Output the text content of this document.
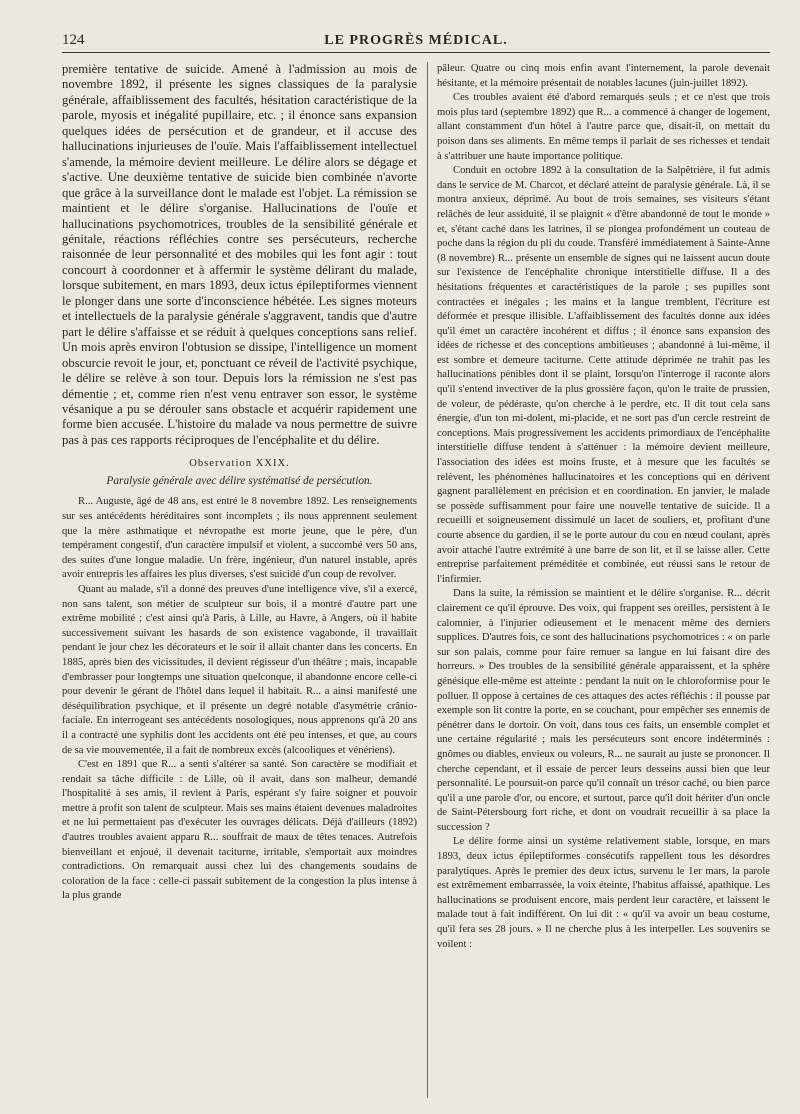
124	LE PROGRÈS MÉDICAL.

première tentative de suicide. Amené à l'admission au mois de novembre 1892, il présente les signes classiques de la paralysie générale, affaiblissement des facultés, hésitation caractéristique de la parole, myosis et inégalité pupillaire, etc. ; il énonce sans expansion quelques idées de persécution et de grandeur, et il accuse des hallucinations injurieuses de l'ouïe. Mais l'affaiblissement intellectuel s'amende, la mémoire devient meilleure. Le délire alors se dégage et s'active. Une deuxième tentative de suicide bien combinée n'avorte que grâce à la surveillance dont le malade est l'objet. La rémission se maintient et le délire s'organise. Hallucinations de l'ouïe et hallucinations psychomotrices, troubles de la sensibilité générale et génitale, réactions réfléchies contre ses persécuteurs, recherche raisonnée de leur personnalité et des mobiles qui les font agir : tout concourt à coordonner et à affermir le système délirant du malade, lorsque subitement, en mars 1893, deux ictus épileptiformes viennent le plonger dans une sorte d'inconscience hébétée. Les signes moteurs et intellectuels de la paralysie générale s'aggravent, tandis que d'autre part le délire s'affaisse et se réduit à quelques conceptions sans relief. Un mois après environ l'obtusion se dissipe, l'intelligence un moment obscurcie revoit le jour, et, ponctuant ce réveil de l'activité psychique, le délire se relève à son tour. Depuis lors la rémission ne s'est pas démentie ; et, comme rien n'est venu entraver son essor, le système vésanique a pu se dérouler sans obstacle et acquérir rapidement une forme bien accusée. L'histoire du malade va nous permettre de suivre pas à pas ces rapports réciproques de l'encéphalite et du délire.

Observation XXIX.
Paralysie générale avec délire systématisé de persécution.

R... Auguste, âgé de 48 ans, est entré le 8 novembre 1892. Les renseignements sur ses antécédents héréditaires sont incomplets ; ils nous apprennent seulement que la mère asthmatique et névropathe est morte jeune, que le père, d'un tempérament congestif, d'un caractère impulsif et violent, a succombé vers 50 ans, des suites d'une longue maladie. Un frère, ingénieur, d'un naturel instable, après avoir entrepris les affaires les plus diverses, s'est suicidé d'un coup de revolver.

Quant au malade, s'il a donné des preuves d'une intelligence vive, s'il a exercé, non sans talent, son métier de sculpteur sur bois, il a montré d'autre part une extrême mobilité ; c'est ainsi qu'à Paris, à Lille, au Havre, à Angers, où il habite successivement suivant les hasards de son existence vagabonde, il travaillait pendant le jour chez les décorateurs et le soir il allait chanter dans les concerts. En 1885, après bien des vicissitudes, il devient régisseur d'un théâtre ; mais, incapable d'embrasser pour longtemps une situation quelconque, il abandonne encore celle-ci pour devenir le gérant de l'hôtel dans lequel il habitait. R... a ainsi manifesté une déséquilibration psychique, et il présente un degré notable d'asymétrie crânio-faciale. En interrogeant ses antécédents nosologiques, nous apprenons qu'à 20 ans il a contracté une syphilis dont les accidents ont été peu intenses, et que, au cours de sa vie mouvementée, il a fait de nombreux excès (alcooliques et vénériens).

C'est en 1891 que R... a senti s'altérer sa santé. Son caractère se modifiait et rendait sa tâche difficile : de Lille, où il avait, dans son malheur, demandé l'hospitalité à ses amis, il revient à Paris, espérant s'y faire soigner et pouvoir mettre à profit son talent de sculpteur. Mais ses mains étaient devenues maladroites et ne lui permettaient pas d'exécuter les ouvrages délicats. Déjà d'ailleurs (1892) d'autres troubles avaient apparu R... souffrait de maux de têtes tenaces. Autrefois bienveillant et enjoué, il devenait taciturne, irritable, s'emportait aux moindres contradictions. On remarquait aussi chez lui des changements soudains de coloration de la face : celle-ci passait subitement de la congestion la plus intense à la plus grande

pâleur. Quatre ou cinq mois enfin avant l'internement, la parole devenait hésitante, et la mémoire présentait de notables lacunes (juin-juillet 1892).

Ces troubles avaient été d'abord remarqués seuls ; et ce n'est que trois mois plus tard (septembre 1892) que R... a commencé à changer de logement, allant constamment d'un hôtel à l'autre parce que, disait-il, on mettait du poison dans ses aliments. En même temps il parlait de ses richesses et tendait à s'attribuer une haute importance politique.

Conduit en octobre 1892 à la consultation de la Salpêtrière, il fut admis dans le service de M. Charcot, et déclaré atteint de paralysie générale. Là, il se montra anxieux, déprimé. Au bout de trois semaines, ses visiteurs s'étant relâchés de leur assiduité, il se plaignit « d'être abandonné de tout le monde » et, s'étant caché dans les latrines, il se plongea profondément un couteau de poche dans la région du pli du coude. Transféré immédiatement à Sainte-Anne (8 novembre) R... présente un ensemble de signes qui ne laissent aucun doute sur l'existence de l'encéphalite chronique interstitielle diffuse. Il a des hésitations fréquentes et caractéristiques de la parole ; ses pupilles sont contractées et inégales ; les mains et la langue tremblent, l'écriture est déformée et presque illisible. L'affaiblissement des facultés donne aux idées qu'il émet un caractère incohérent et diffus ; il énonce sans expansion des idées de richesse et des conceptions ambitieuses ; abandonné à lui-même, il est sombre et demeure taciturne. Cette attitude déprimée ne trahit pas les hallucinations pénibles dont il se plaint, lorsqu'on l'interroge il raconte alors qu'il s'entend invectiver de la plus grossière façon, qu'on le traite de prussien, de voleur, de pédéraste, qu'on cherche à le perdre, etc. Il dit tout cela sans énergie, d'un ton mi-dolent, mi-placide, et ne sort pas d'un cercle restreint de conceptions. Mais progressivement les accidents primordiaux de l'encéphalite interstitielle diffuse tendent à s'atténuer : la mémoire devient meilleure, l'association des idées est moins fruste, et à mesure que les facultés se relèvent, les phénomènes hallucinatoires et les conceptions qui en dérivent gagnent parallèlement en précision et en coordination. En janvier, le malade se possède suffisamment pour faire une nouvelle tentative de suicide. Il a recueilli et soigneusement dissimulé un lacet de souliers, et, profitant d'une courte absence du gardien, il se le porte autour du cou en nœud coulant, après avoir attaché l'autre extrémité à une barre de son lit, et il se laisse aller. Cette entreprise parfaitement préméditée et combinée, eut réussi sans le retour de l'infirmier.

Dans la suite, la rémission se maintient et le délire s'organise. R... décrit clairement ce qu'il éprouve. Des voix, qui frappent ses oreilles, persistent à le calomnier, à l'injurier odieusement et le menacent même des derniers supplices. D'autres fois, ce sont des hallucinations psychomotrices : « on parle sur son palais, comme pour faire remuer sa langue en lui faisant dire des horreurs. » Des troubles de la sensibilité générale apparaissent, et la sphère génésique elle-même est atteinte : pendant la nuit on le chloroformise pour le polluer. Il oppose à certaines de ces attaques des actes réfléchis : il pousse par exemple son lit contre la porte, en se couchant, pour empêcher ses ennemis de pénétrer dans le dortoir. On voit, dans tous ces faits, un ensemble complet et une certaine régularité ; mais les persécuteurs sont encore indéterminés : gnômes ou diables, envieux ou voleurs, R... ne saurait au juste se prononcer. Il cherche cependant, et il essaie de percer leurs desseins aussi bien que leur personnalité. Le poursuit-on parce qu'il connaît un trésor caché, ou bien parce qu'il a une parole d'or, ou encore, et surtout, parce qu'il doit hériter d'un oncle de Saint-Pétersbourg fort riche, et dont on voudrait recueillir à sa place la succession ?

Le délire forme ainsi un système relativement stable, lorsque, en mars 1893, deux ictus épileptiformes consécutifs rappellent tous les désordres paralytiques. Après le premier des deux ictus, survenu le 1er mars, la parole est extrêmement embarrassée, la voix éteinte, l'habitus affaissé, apathique. Les hallucinations se produisent encore, mais perdent leur caractère, et laissent le malade tout à fait indifférent. On lui dit : « qu'il va avoir un beau costume, qu'il fera ses 28 jours. » Il ne cherche plus à les interpeller. Les souvenirs se voilent :
